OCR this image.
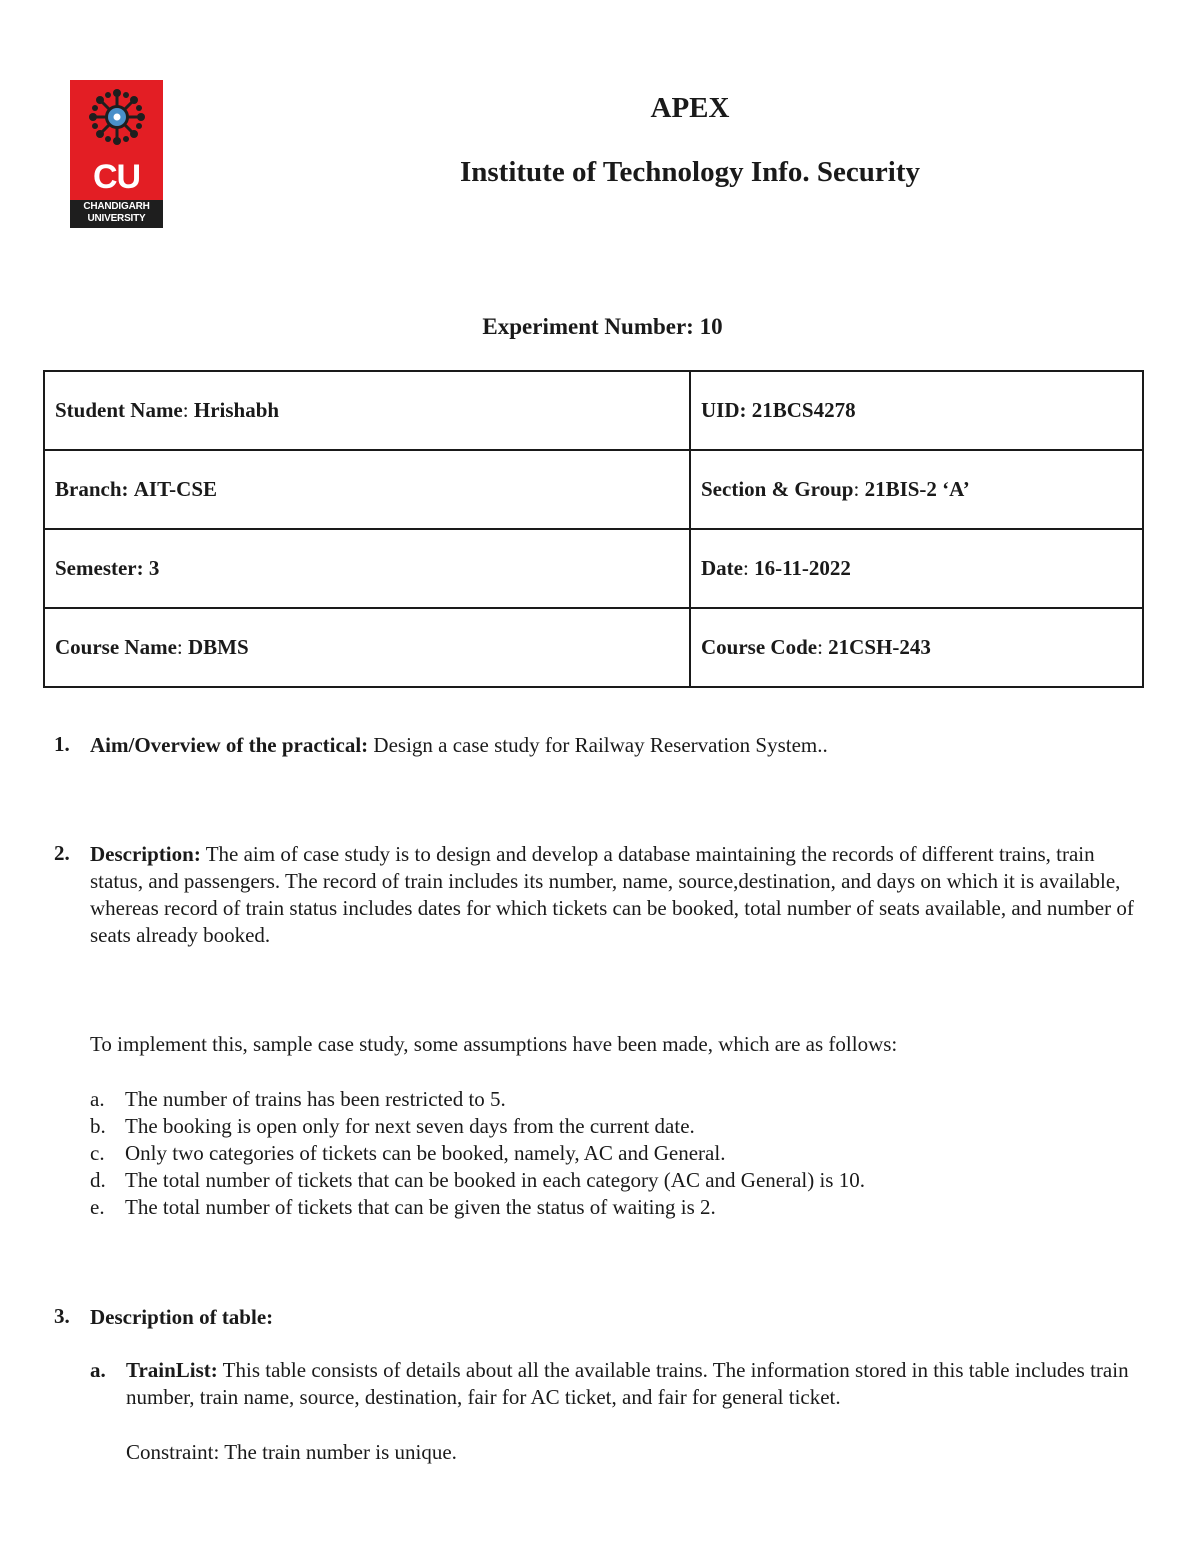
CU
CHANDIGARH
UNIVERSITY
APEX
Institute of Technology Info. Security
Experiment Number: 10
Student Name: Hrishabh	UID: 21BCS4278
Branch: AIT-CSE	Section & Group: 21BIS-2 ‘A’
Semester: 3	Date: 16-11-2022
Course Name: DBMS	Course Code: 21CSH-243
1. Aim/Overview of the practical: Design a case study for Railway Reservation System..
2. Description: The aim of case study is to design and develop a database maintaining the records of different trains, train status, and passengers. The record of train includes its number, name, source,destination, and days on which it is available, whereas record of train status includes dates for which tickets can be booked, total number of seats available, and number of seats already booked.
To implement this, sample case study, some assumptions have been made, which are as follows:
a. The number of trains has been restricted to 5.
b. The booking is open only for next seven days from the current date.
c. Only two categories of tickets can be booked, namely, AC and General.
d. The total number of tickets that can be booked in each category (AC and General) is 10.
e. The total number of tickets that can be given the status of waiting is 2.
3. Description of table:
a. TrainList: This table consists of details about all the available trains. The information stored in this table includes train number, train name, source, destination, fair for AC ticket, and fair for general ticket.
Constraint: The train number is unique.
